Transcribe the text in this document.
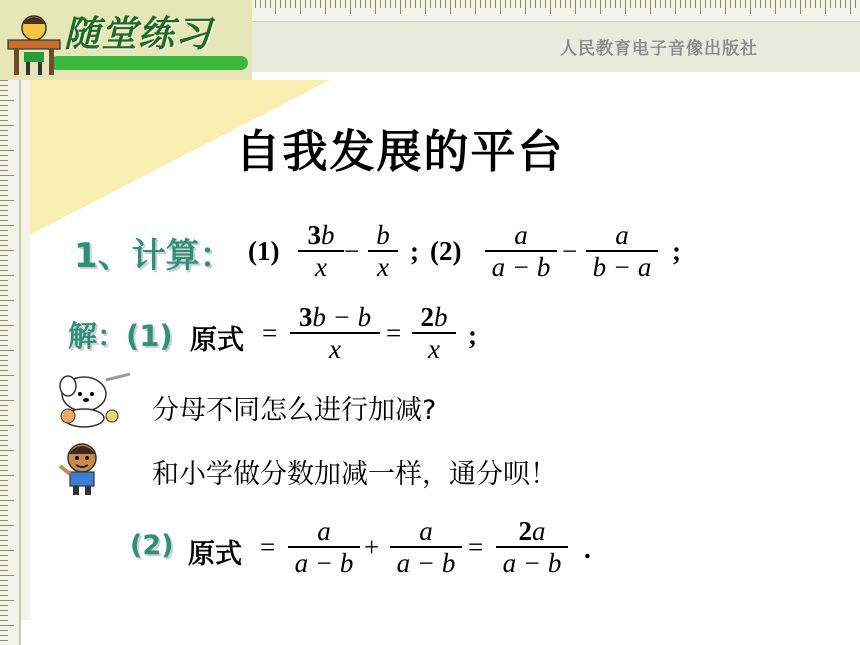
人民教育电子音像出版社
随堂练习
自我发展的平台
1、计算： (1)
3b
x
−
b
x
; (2)
a
a − b
−
a
b − a
;
解：(1) 原式 =
3b − b
x
=
2b
x	;
分母不同怎么进行加减?
和小学做分数加减一样，通分呗！
(2) 原式 =
a
a − b
+
a
a − b
=
2a
a − b .
